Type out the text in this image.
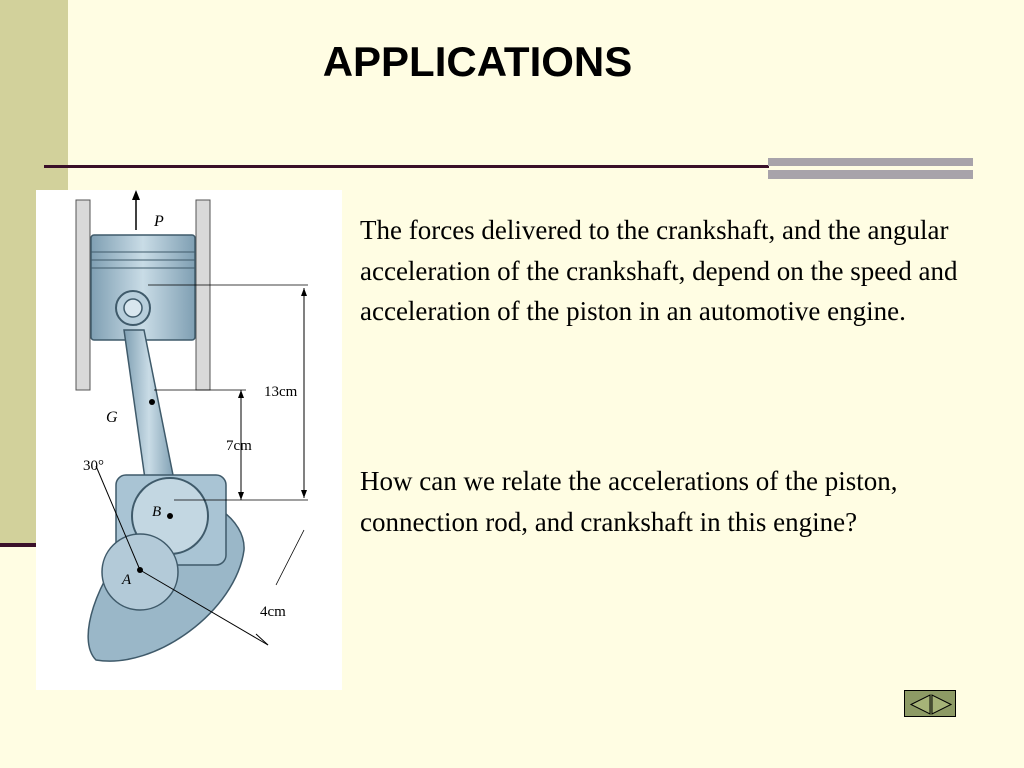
APPLICATIONS
P
13cm
7cm
4cm
G
30°
B
A

The forces delivered to the crankshaft, and the angular acceleration of the crankshaft, depend on the speed and acceleration of the piston in an automotive engine.

How can we relate the accelerations of the piston, connection rod, and crankshaft in this engine?
